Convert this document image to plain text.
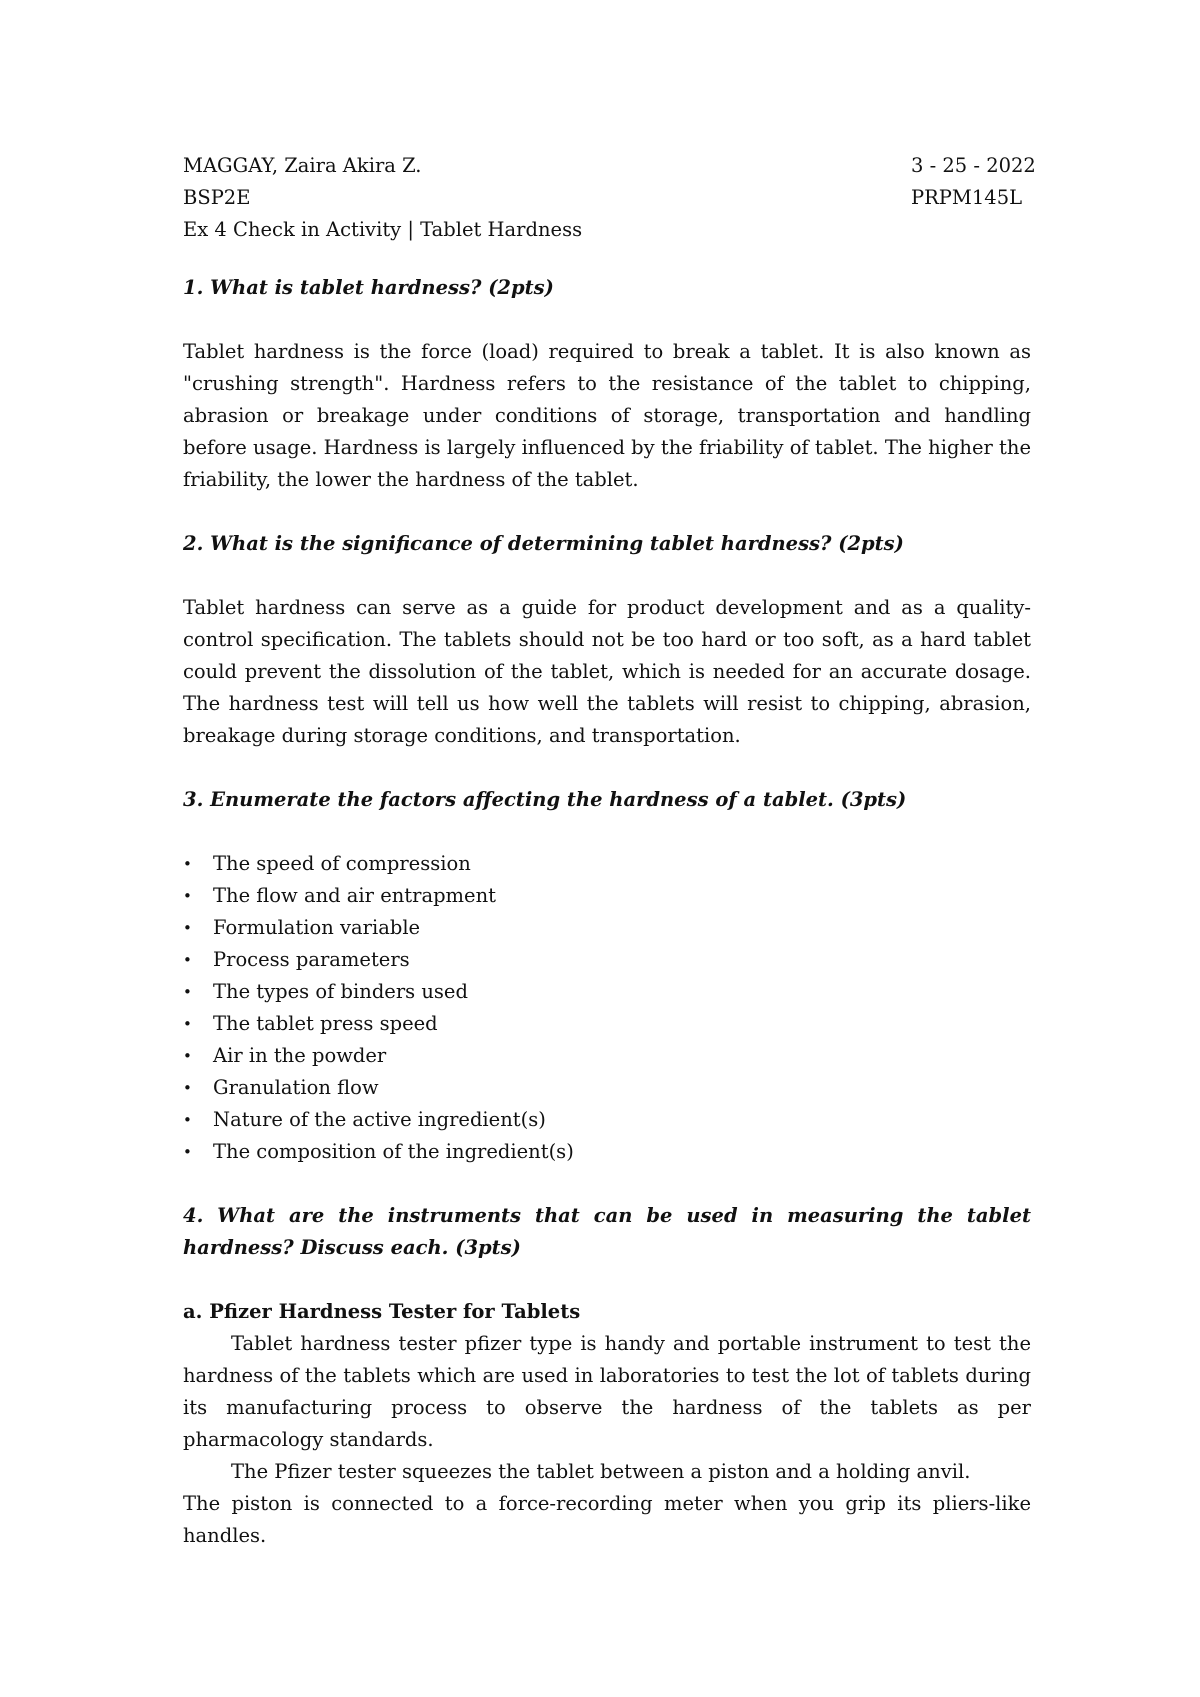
MAGGAY, Zaira Akira Z.	3 - 25 - 2022
BSP2E	PRPM145L
Ex 4 Check in Activity | Tablet Hardness

1. What is tablet hardness? (2pts)

Tablet hardness is the force (load) required to break a tablet. It is also known as "crushing strength". Hardness refers to the resistance of the tablet to chipping, abrasion or breakage under conditions of storage, transportation and handling before usage. Hardness is largely influenced by the friability of tablet. The higher the friability, the lower the hardness of the tablet.

2. What is the significance of determining tablet hardness? (2pts)

Tablet hardness can serve as a guide for product development and as a quality-control specification. The tablets should not be too hard or too soft, as a hard tablet could prevent the dissolution of the tablet, which is needed for an accurate dosage. The hardness test will tell us how well the tablets will resist to chipping, abrasion, breakage during storage conditions, and transportation.

3. Enumerate the factors affecting the hardness of a tablet. (3pts)

• The speed of compression
• The flow and air entrapment
• Formulation variable
• Process parameters
• The types of binders used
• The tablet press speed
• Air in the powder
• Granulation flow
• Nature of the active ingredient(s)
• The composition of the ingredient(s)

4. What are the instruments that can be used in measuring the tablet hardness? Discuss each. (3pts)

a. Pfizer Hardness Tester for Tablets

Tablet hardness tester pfizer type is handy and portable instrument to test the hardness of the tablets which are used in laboratories to test the lot of tablets during its manufacturing process to observe the hardness of the tablets as per pharmacology standards.

The Pfizer tester squeezes the tablet between a piston and a holding anvil.

The piston is connected to a force-recording meter when you grip its pliers-like handles.
